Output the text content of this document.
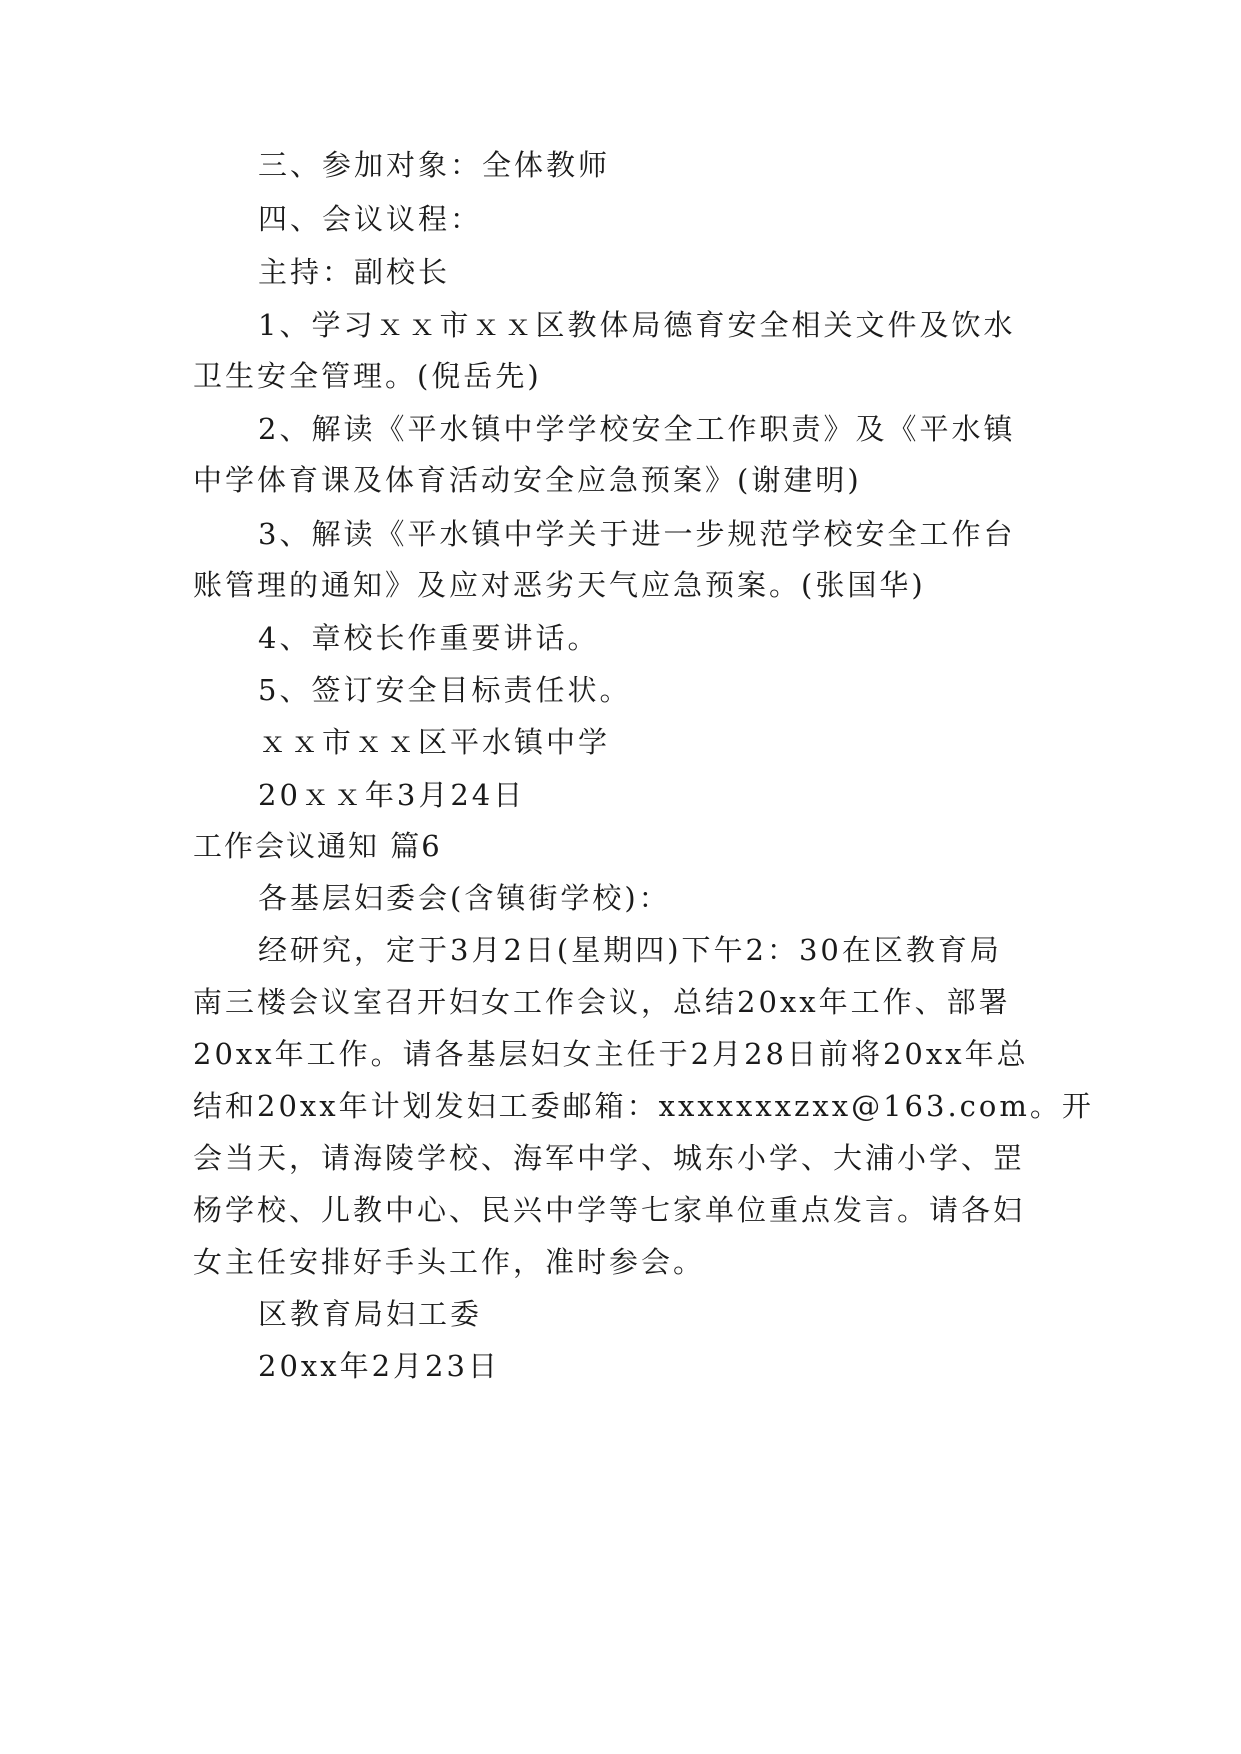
三、参加对象：全体教师

四、会议议程：

主持：副校长

1、学习ｘｘ市ｘｘ区教体局德育安全相关文件及饮水

卫生安全管理。(倪岳先)

2、解读《平水镇中学学校安全工作职责》及《平水镇

中学体育课及体育活动安全应急预案》(谢建明)

3、解读《平水镇中学关于进一步规范学校安全工作台

账管理的通知》及应对恶劣天气应急预案。(张国华)

4、章校长作重要讲话。

5、签订安全目标责任状。

ｘｘ市ｘｘ区平水镇中学

20ｘｘ年3月24日

工作会议通知 篇6

各基层妇委会(含镇街学校)：

经研究，定于3月2日(星期四)下午2：30在区教育局

南三楼会议室召开妇女工作会议，总结20xx年工作、部署

20xx年工作。请各基层妇女主任于2月28日前将20xx年总

结和20xx年计划发妇工委邮箱：xxxxxxxzxx@163.com。开

会当天，请海陵学校、海军中学、城东小学、大浦小学、罡

杨学校、儿教中心、民兴中学等七家单位重点发言。请各妇

女主任安排好手头工作，准时参会。

区教育局妇工委

20xx年2月23日
